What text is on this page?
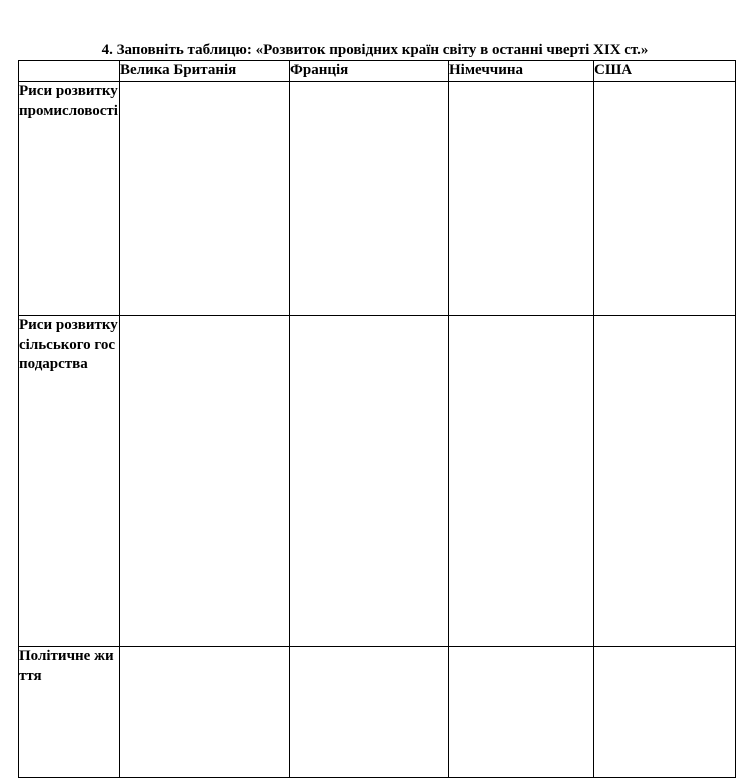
4. Заповніть таблицю: «Розвиток провідних країн світу в останні чверті XIX ст.»
	Велика Британія	Франція	Німеччина	США
Риси розвитку промисловості				
Риси розвитку сільського господарства				
Політичне життя				
